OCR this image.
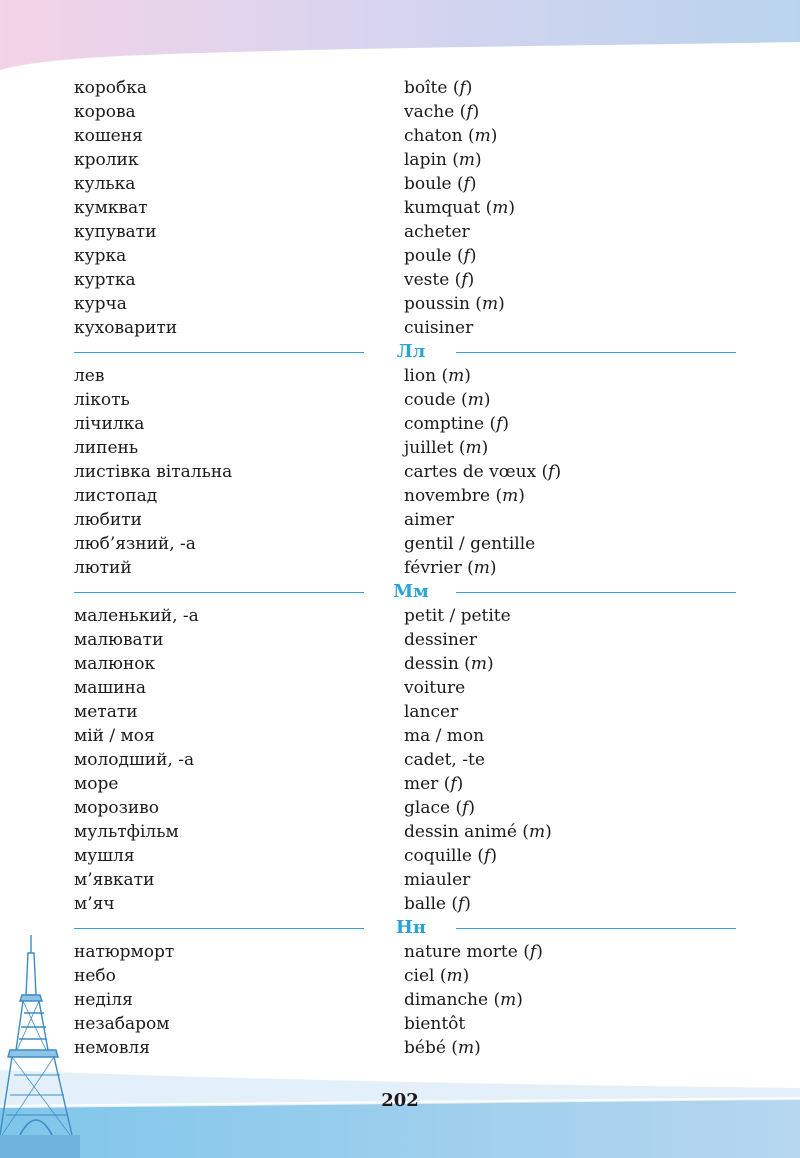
коробка	boîte (f)
корова	vache (f)
кошеня	chaton (m)
кролик	lapin (m)
кулька	boule (f)
кумкват	kumquat (m)
купувати	acheter
курка	poule (f)
куртка	veste (f)
курча	poussin (m)
куховарити	cuisiner
Лл
лев	lion (m)
лікоть	coude (m)
лічилка	comptine (f)
липень	juillet (m)
листівка вітальна	cartes de vœux (f)
листопад	novembre (m)
любити	aimer
люб’язний, -а	gentil / gentille
лютий	février (m)
Мм
маленький, -а	petit / petite
малювати	dessiner
малюнок	dessin (m)
машина	voiture
метати	lancer
мій / моя	ma / mon
молодший, -а	cadet, -te
море	mer (f)
морозиво	glace (f)
мультфільм	dessin animé (m)
мушля	coquille (f)
м’явкати	miauler
м’яч	balle (f)
Нн
натюрморт	nature morte (f)
небо	ciel (m)
неділя	dimanche (m)
незабаром	bientôt
немовля	bébé (m)
202
